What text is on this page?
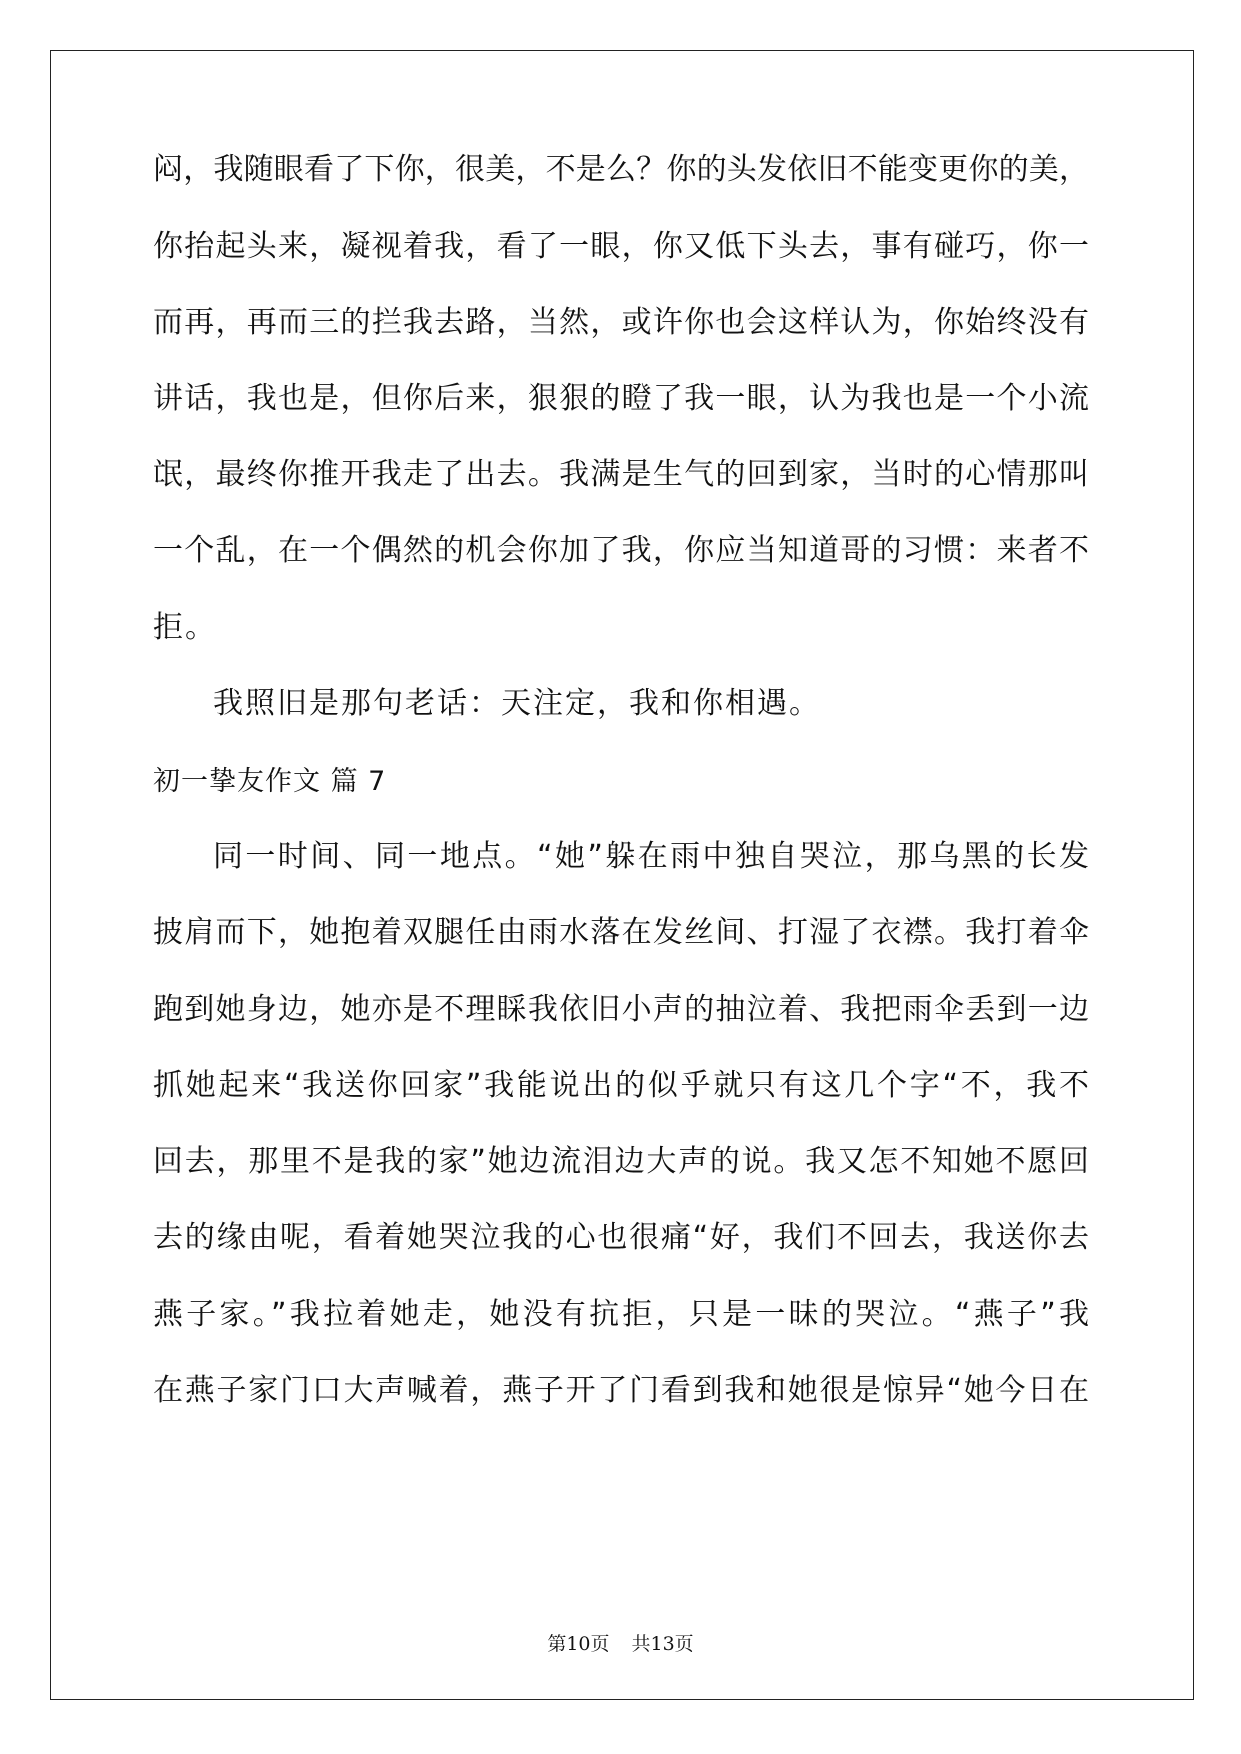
闷，我随眼看了下你，很美，不是么？你的头发依旧不能变更你的美，
你抬起头来，凝视着我，看了一眼，你又低下头去，事有碰巧，你一
而再，再而三的拦我去路，当然，或许你也会这样认为，你始终没有
讲话，我也是，但你后来，狠狠的瞪了我一眼，认为我也是一个小流
氓，最终你推开我走了出去。我满是生气的回到家，当时的心情那叫
一个乱，在一个偶然的机会你加了我，你应当知道哥的习惯：来者不
拒。
我照旧是那句老话：天注定，我和你相遇。
初一挚友作文 篇 7
同一时间、同一地点。“她”躲在雨中独自哭泣，那乌黑的长发
披肩而下，她抱着双腿任由雨水落在发丝间、打湿了衣襟。我打着伞
跑到她身边，她亦是不理睬我依旧小声的抽泣着、我把雨伞丢到一边
抓她起来“我送你回家”我能说出的似乎就只有这几个字“不，我不
回去，那里不是我的家”她边流泪边大声的说。我又怎不知她不愿回
去的缘由呢，看着她哭泣我的心也很痛“好，我们不回去，我送你去
燕子家。”我拉着她走，她没有抗拒，只是一昧的哭泣。“燕子”我
在燕子家门口大声喊着，燕子开了门看到我和她很是惊异“她今日在
第10页 共13页
